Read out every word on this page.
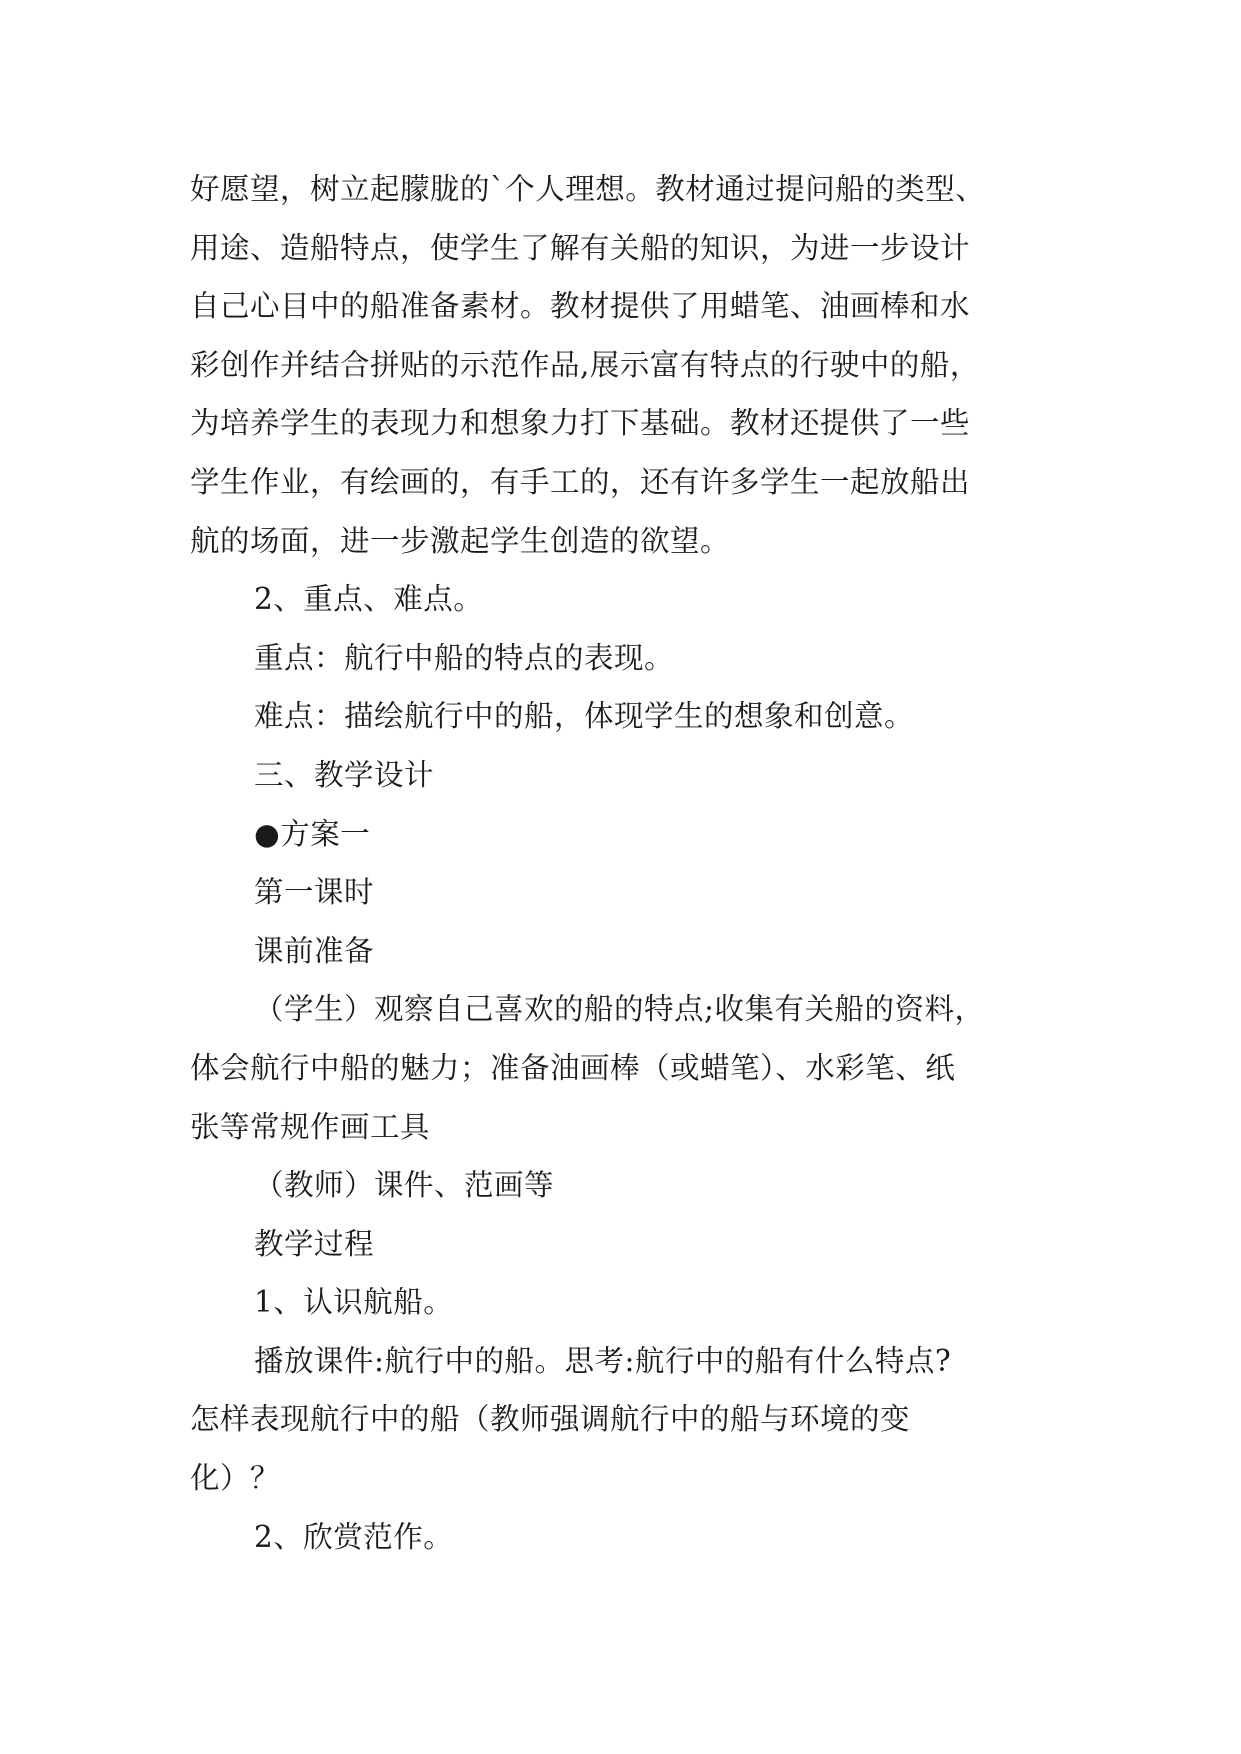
好愿望，树立起朦胧的`个人理想。教材通过提问船的类型、
用途、造船特点，使学生了解有关船的知识，为进一步设计
自己心目中的船准备素材。教材提供了用蜡笔、油画棒和水
彩创作并结合拼贴的示范作品,展示富有特点的行驶中的船，
为培养学生的表现力和想象力打下基础。教材还提供了一些
学生作业，有绘画的，有手工的，还有许多学生一起放船出
航的场面，进一步激起学生创造的欲望。
2、重点、难点。
重点：航行中船的特点的表现。
难点：描绘航行中的船，体现学生的想象和创意。
三、教学设计
●方案一
第一课时
课前准备
（学生）观察自己喜欢的船的特点;收集有关船的资料，
体会航行中船的魅力；准备油画棒（或蜡笔）、水彩笔、纸
张等常规作画工具
（教师）课件、范画等
教学过程
1、认识航船。
播放课件:航行中的船。思考:航行中的船有什么特点?
怎样表现航行中的船（教师强调航行中的船与环境的变
化）？
2、欣赏范作。
